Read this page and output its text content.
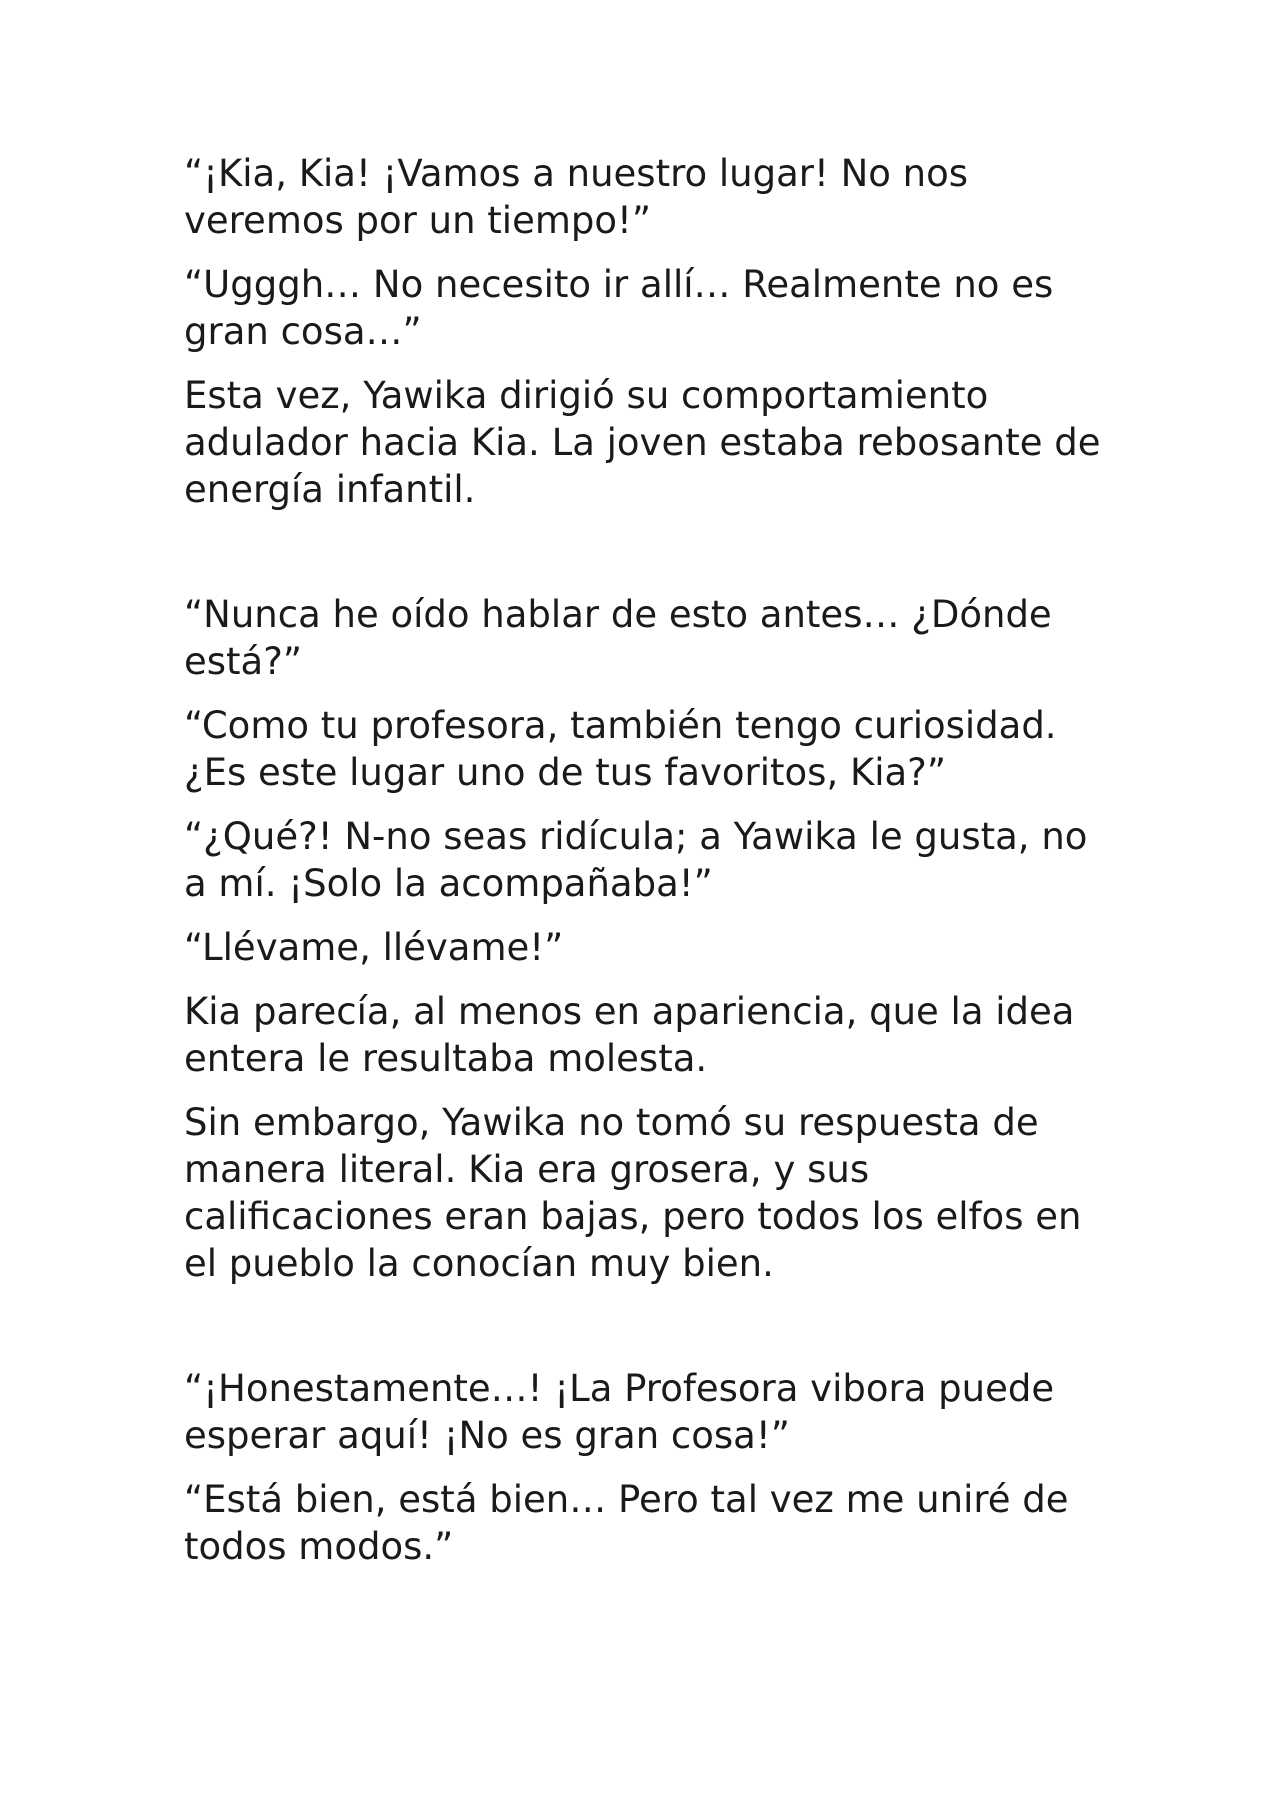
“¡Kia, Kia! ¡Vamos a nuestro lugar! No nos veremos por un tiempo!”

“Ugggh… No necesito ir allí… Realmente no es gran cosa…”

Esta vez, Yawika dirigió su comportamiento adulador hacia Kia. La joven estaba rebosante de energía infantil.

“Nunca he oído hablar de esto antes… ¿Dónde está?”

“Como tu profesora, también tengo curiosidad. ¿Es este lugar uno de tus favoritos, Kia?”

“¿Qué?! N-no seas ridícula; a Yawika le gusta, no a mí. ¡Solo la acompañaba!”

“Llévame, llévame!”

Kia parecía, al menos en apariencia, que la idea entera le resultaba molesta.

Sin embargo, Yawika no tomó su respuesta de manera literal. Kia era grosera, y sus calificaciones eran bajas, pero todos los elfos en el pueblo la conocían muy bien.

“¡Honestamente…! ¡La Profesora vibora puede esperar aquí! ¡No es gran cosa!”

“Está bien, está bien… Pero tal vez me uniré de todos modos.”
